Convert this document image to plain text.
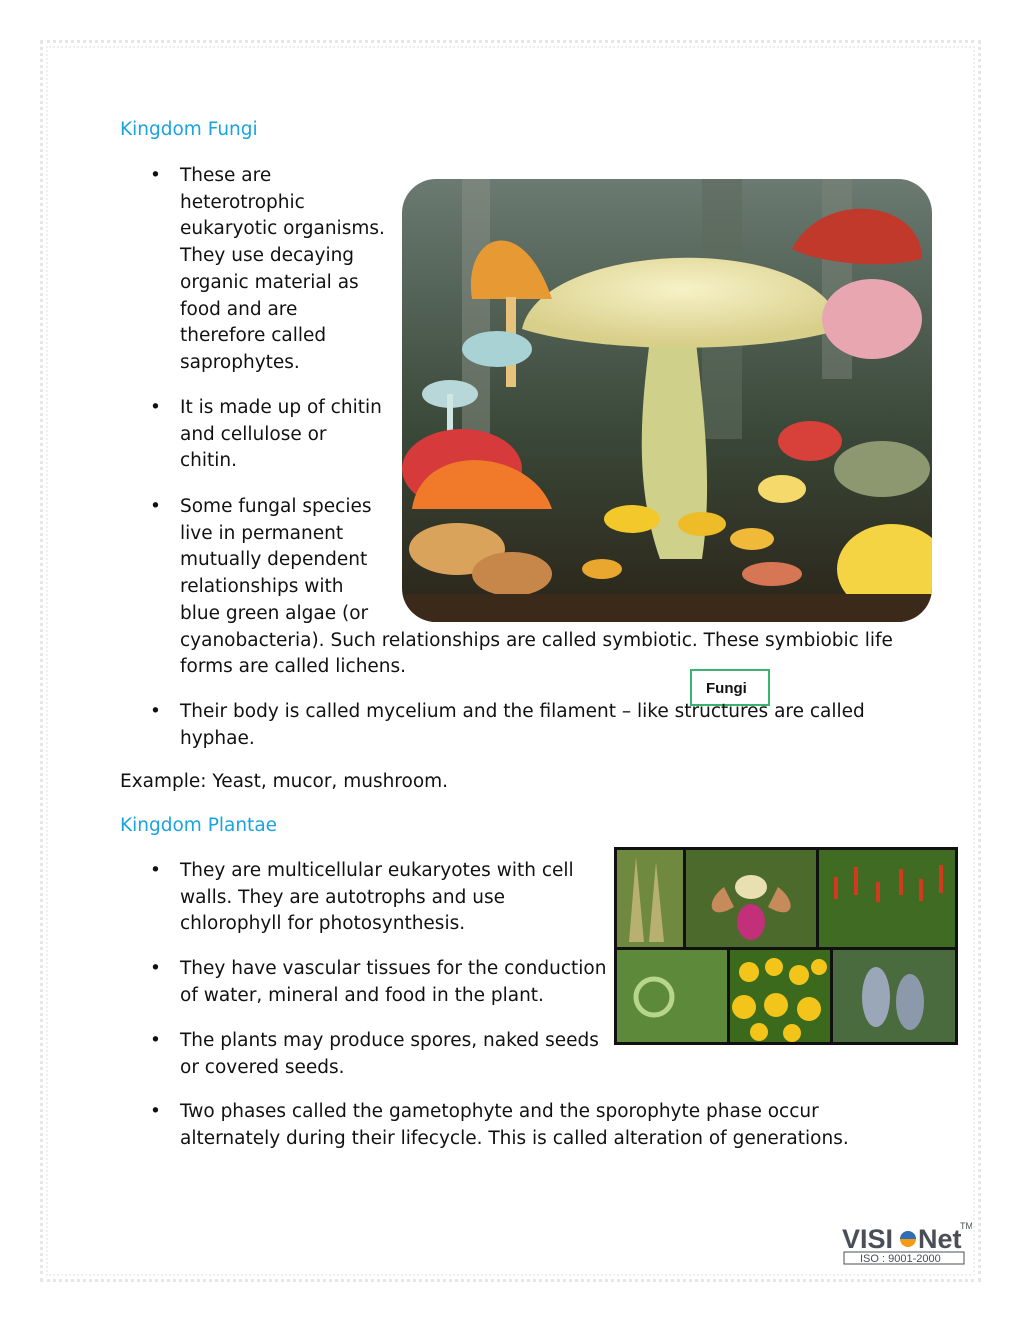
Kingdom Fungi
• These are
heterotrophic
eukaryotic organisms.
They use decaying
organic material as
food and are
therefore called
saprophytes.
• It is made up of chitin
and cellulose or
chitin.
• Some fungal species
live in permanent
mutually dependent
relationships with
blue green algae (or
cyanobacteria). Such relationships are called symbiotic. These symbiobic life
forms are called lichens.
Fungi
• Their body is called mycelium and the filament – like structures are called
hyphae.
Example: Yeast, mucor, mushroom.
Kingdom Plantae
• They are multicellular eukaryotes with cell
walls. They are autotrophs and use
chlorophyll for photosynthesis.
• They have vascular tissues for the conduction
of water, mineral and food in the plant.
• The plants may produce spores, naked seeds
or covered seeds.
• Two phases called the gametophyte and the sporophyte phase occur
alternately during their lifecycle. This is called alteration of generations.
VISI Net
TM
ISO : 9001-2000
